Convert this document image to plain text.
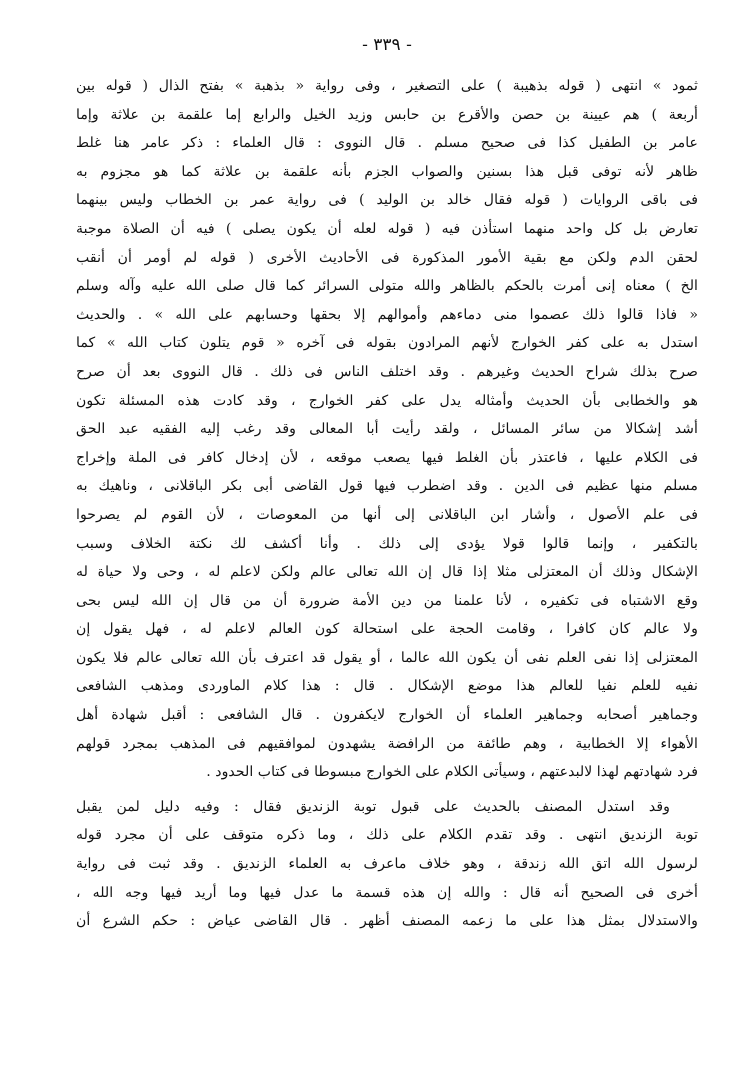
- ٣٣٩ -
ثمود » انتهى ( قوله بذهيبة ) على التصغير ، وفى رواية « بذهبة » بفتح الذال ( قوله بين
أربعة ) هم عيينة بن حصن والأقرع بن حابس وزيد الخيل والرابع إما علقمة بن علاثة وإما
عامر بن الطفيل كذا فى صحيح مسلم . قال النووى : قال العلماء : ذكر عامر هنا غلط
ظاهر لأنه توفى قبل هذا بسنين والصواب الجزم بأنه علقمة بن علاثة كما هو مجزوم به
فى باقى الروايات ( قوله فقال خالد بن الوليد ) فى رواية عمر بن الخطاب وليس بينهما
تعارض بل كل واحد منهما استأذن فيه ( قوله لعله أن يكون يصلى ) فيه أن الصلاة موجبة
لحقن الدم ولكن مع بقية الأمور المذكورة فى الأحاديث الأخرى ( قوله لم أومر أن أنقب
الخ ) معناه إنى أمرت بالحكم بالظاهر والله متولى السرائر كما قال صلى الله عليه وآله وسلم
« فاذا قالوا ذلك عصموا منى دماءهم وأموالهم إلا بحقها وحسابهم على الله » . والحديث
استدل به على كفر الخوارج لأنهم المرادون بقوله فى آخره « قوم يتلون كتاب الله » كما
صرح بذلك شراح الحديث وغيرهم . وقد اختلف الناس فى ذلك . قال النووى بعد أن صرح
هو والخطابى بأن الحديث وأمثاله يدل على كفر الخوارج ، وقد كادت هذه المسئلة تكون
أشد إشكالا من سائر المسائل ، ولقد رأيت أبا المعالى وقد رغب إليه الفقيه عبد الحق
فى الكلام عليها ، فاعتذر بأن الغلط فيها يصعب موقعه ، لأن إدخال كافر فى الملة وإخراج
مسلم منها عظيم فى الدين . وقد اضطرب فيها قول القاضى أبى بكر الباقلانى ، وناهيك به
فى علم الأصول ، وأشار ابن الباقلانى إلى أنها من المعوصات ، لأن القوم لم يصرحوا
بالتكفير ، وإنما قالوا قولا يؤدى إلى ذلك . وأنا أكشف لك نكتة الخلاف وسبب
الإشكال وذلك أن المعتزلى مثلا إذا قال إن الله تعالى عالم ولكن لاعلم له ، وحى ولا حياة له
وقع الاشتباه فى تكفيره ، لأنا علمنا من دين الأمة ضرورة أن من قال إن الله ليس بحى
ولا عالم كان كافرا ، وقامت الحجة على استحالة كون العالم لاعلم له ، فهل يقول إن
المعتزلى إذا نفى العلم نفى أن يكون الله عالما ، أو يقول قد اعترف بأن الله تعالى عالم فلا يكون
نفيه للعلم نفيا للعالم هذا موضع الإشكال . قال : هذا كلام الماوردى ومذهب الشافعى
وجماهير أصحابه وجماهير العلماء أن الخوارج لايكفرون . قال الشافعى : أقبل شهادة أهل
الأهواء إلا الخطابية ، وهم طائفة من الرافضة يشهدون لموافقيهم فى المذهب بمجرد قولهم
فرد شهادتهم لهذا لالبدعتهم ، وسيأتى الكلام على الخوارج مبسوطا فى كتاب الحدود .
وقد استدل المصنف بالحديث على قبول توبة الزنديق فقال : وفيه دليل لمن يقبل
توبة الزنديق انتهى . وقد تقدم الكلام على ذلك ، وما ذكره متوقف على أن مجرد قوله
لرسول الله اتق الله زندقة ، وهو خلاف ماعرف به العلماء الزنديق . وقد ثبت فى رواية
أخرى فى الصحيح أنه قال : والله إن هذه قسمة ما عدل فيها وما أريد فيها وجه الله ،
والاستدلال بمثل هذا على ما زعمه المصنف أظهر . قال القاضى عياض : حكم الشرع أن
